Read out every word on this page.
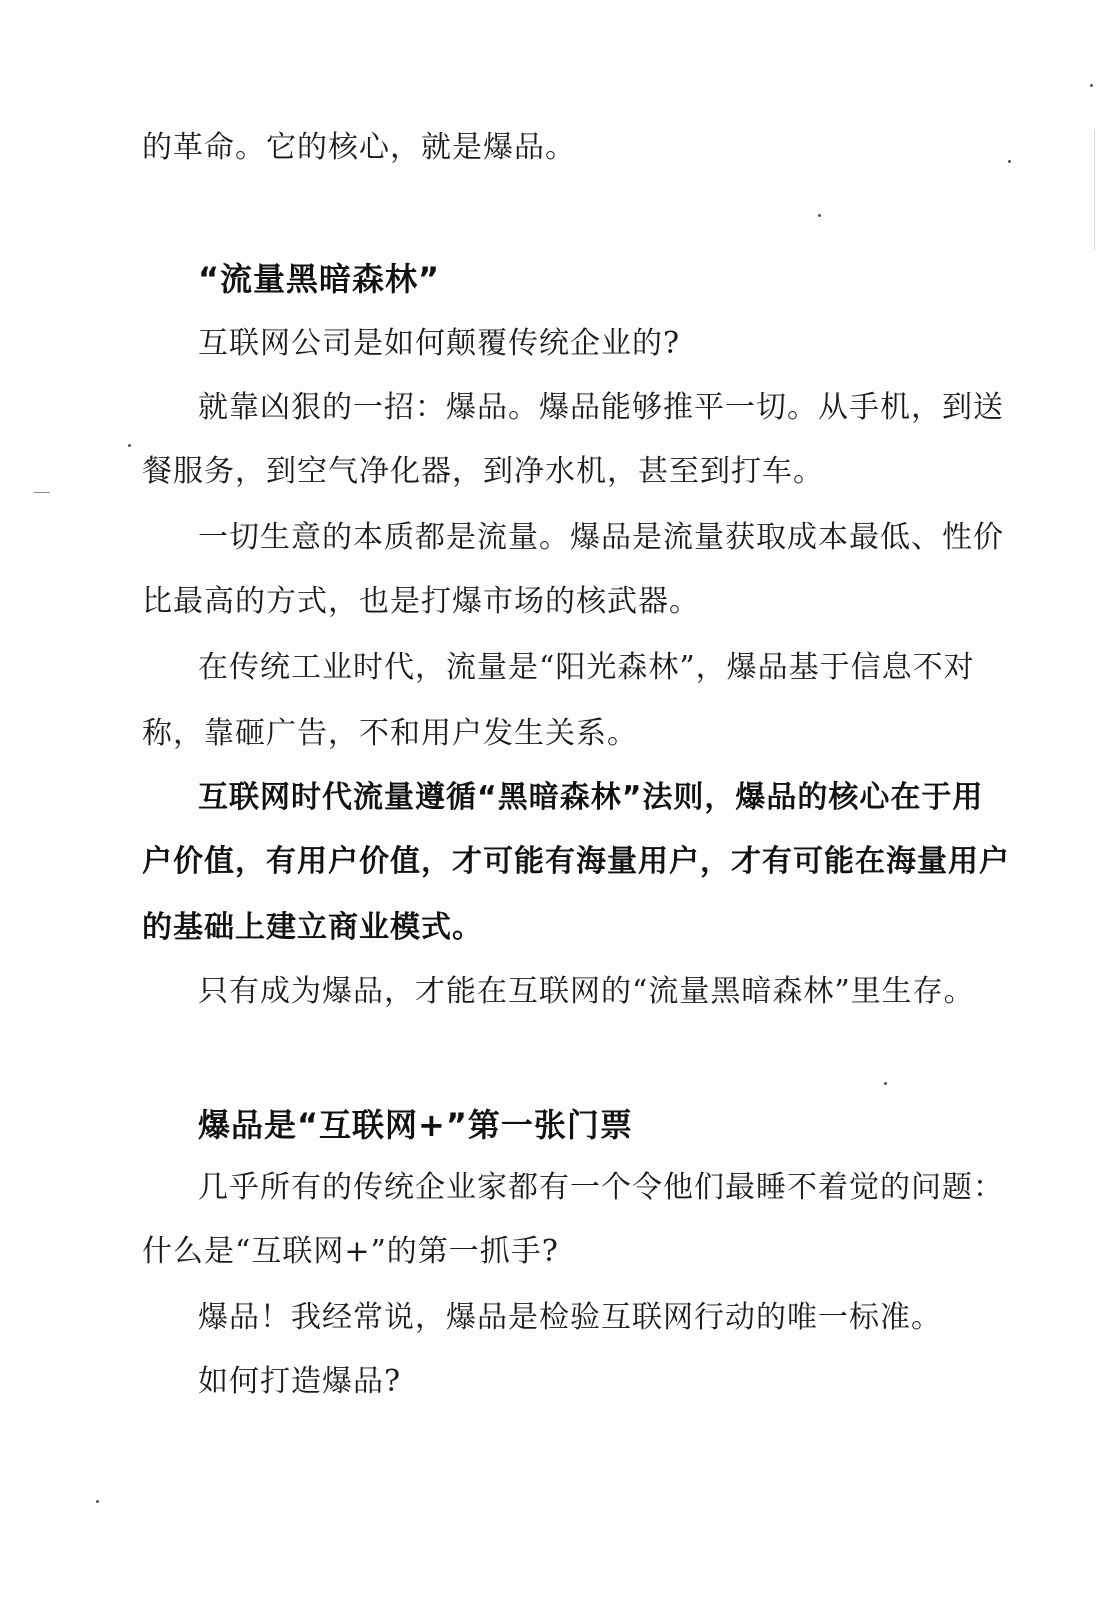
的革命。它的核心，就是爆品。
“流量黑暗森林”
互联网公司是如何颠覆传统企业的?
就靠凶狠的一招：爆品。爆品能够推平一切。从手机，到送
餐服务，到空气净化器，到净水机，甚至到打车。
一切生意的本质都是流量。爆品是流量获取成本最低、性价
比最高的方式，也是打爆市场的核武器。
在传统工业时代，流量是“阳光森林”，爆品基于信息不对
称，靠砸广告，不和用户发生关系。
互联网时代流量遵循“黑暗森林”法则，爆品的核心在于用
户价值，有用户价值，才可能有海量用户，才有可能在海量用户
的基础上建立商业模式。
只有成为爆品，才能在互联网的“流量黑暗森林”里生存。
爆品是“互联网+”第一张门票
几乎所有的传统企业家都有一个令他们最睡不着觉的问题：
什么是“互联网+”的第一抓手?
爆品！我经常说，爆品是检验互联网行动的唯一标准。
如何打造爆品?
